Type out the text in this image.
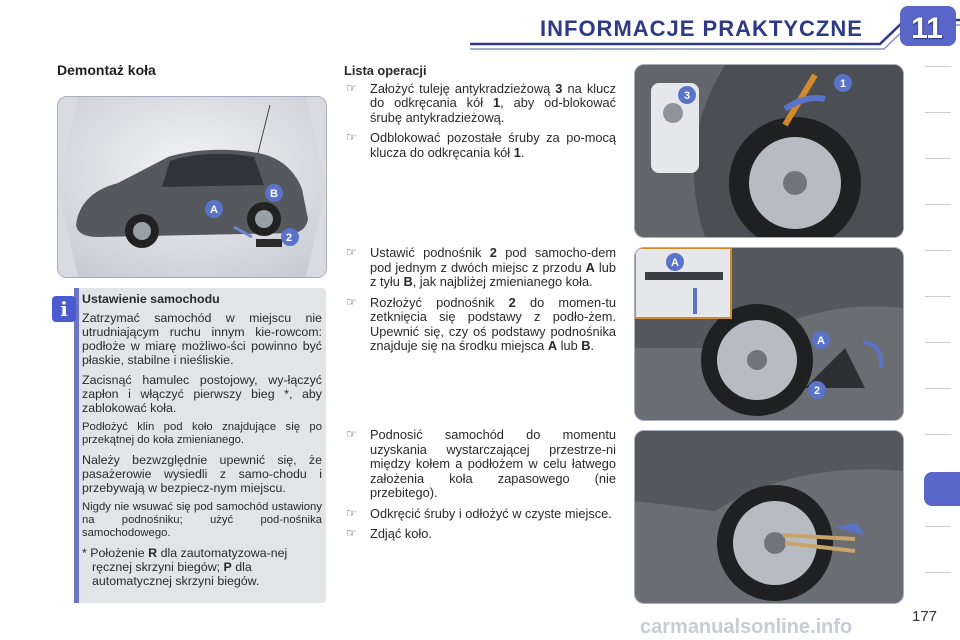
INFORMACJE PRAKTYCZNE 11
Demontaż koła
A
B
2
i	Ustawienie samochodu

Zatrzymać samochód w miejscu nie utrudniającym ruchu innym kie-rowcom: podłoże w miarę możliwo-ści powinno być płaskie, stabilne i nieśliskie.

Zacisnąć hamulec postojowy, wy-łączyć zapłon i włączyć pierwszy bieg *, aby zablokować koła.

Podłożyć klin pod koło znajdujące się po przekątnej do koła zmienianego.

Należy bezwzględnie upewnić się, że pasażerowie wysiedli z samo-chodu i przebywają w bezpiecz-nym miejscu.

Nigdy nie wsuwać się pod samochód ustawiony na podnośniku; użyć pod-nośnika samochodowego.

* Położenie R dla zautomatyzowa-nej ręcznej skrzyni biegów; P dla automatycznej skrzyni biegów.

Lista operacji
☞ Założyć tuleję antykradzieżową 3 na klucz do odkręcania kół 1, aby od-blokować śrubę antykradzieżową.
☞ Odblokować pozostałe śruby za po-mocą klucza do odkręcania kół 1.
☞ Ustawić podnośnik 2 pod samocho-dem pod jednym z dwóch miejsc z przodu A lub z tyłu B, jak najbliżej zmienianego koła.
☞ Rozłożyć podnośnik 2 do momen-tu zetknięcia się podstawy z podło-żem. Upewnić się, czy oś podstawy podnośnika znajduje się na środku miejsca A lub B.
☞ Podnosić samochód do momentu uzyskania wystarczającej przestrze-ni między kołem a podłożem w celu łatwego założenia koła zapasowego (nie przebitego).
☞ Odkręcić śruby i odłożyć w czyste miejsce.
☞ Zdjąć koło.
1
3
A
A
2
carmanualsonline.info	177
